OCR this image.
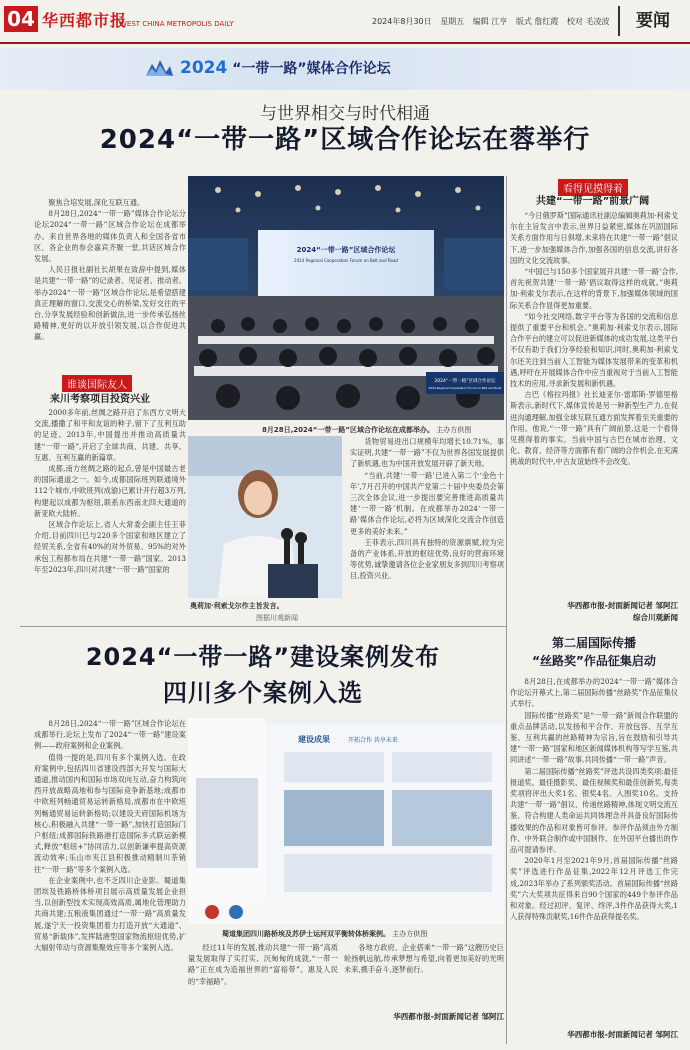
04 华西都市报
WEST CHINA METROPOLIS DAILY	2024年8月30日 星期五 编辑 江亨 版式 詹红霞 校对 毛凌波	要闻
2024 “一带一路”媒体合作论坛
与世界相交与时代相通
2024“一带一路”区域合作论坛在蓉举行

聚焦合培发展,深化互联互通。

8月28日,2024“一带一路”媒体合作论坛分论坛2024“一带一路”区域合作论坛在成都举办。来自世界各地的媒体负责人和全国各省市区、各企业的参会嘉宾齐聚一堂,共话区域合作发展。

人民日报社副社长胡果在致辞中提到,媒体是共建“一带一路”的记录者、见证者、推动者。举办2024“一带一路”区域合作论坛,是希望搭建真正理解的窗口,交流交心的桥梁,发好交往的平台,分享发展经验和创新做法,进一步传承弘扬丝路精神,更好的以开放引领发展,以合作促进共赢。

2024“一带一路”区域合作论坛
2024 Regional Cooperation Forum on Belt and Road
2024“一带一路”区域合作论坛
2024 Regional Cooperation Forum on Belt and Road
8月28日,2024“一带一路”区域合作论坛在成都举办。 主办方供图
谁谈国际友人
来川考察项目投资兴业

2000多年前,丝绸之路开启了东西方文明大交流,播撒了和平和友谊的种子,留下了互利互助的足迹。2013年,中国提出并推动高质量共建“一带一路”,开启了全球共商、共建、共享、互惠、互利互赢的新篇章。

成都,南方丝绸之路的起点,曾是中国最古老的国际通道之一。如今,成都国际班列联通境外112个城市,中欧班列(成渝)已累计开行超3万列,构建起以成都为枢纽,联系东西南北四大通道的新亚欧大陆桥。

区域合作论坛上,省人大常委会副主任王菲介绍,目前四川已与220多个国家和地区建立了经贸关系,全省有40%的对外贸易、95%的对外承包工程都布局在共建“一带一路”国家。2013年至2023年,四川对共建“一带一路”国家的

奥莉加·利索戈尔作主旨发言。
图据川观新闻

货物贸易进出口规模年均增长10.71%。事实证明,共建“一带一路”不仅为世界各国发展提供了新机遇,也为中国开放发展开辟了新天地。

“当前,共建‘一带一路’已进入第二个‘金色十年’,7月召开的中国共产党第二十届中央委员会第三次全体会议,进一步提出要完善推进高质量共建‘一带一路’机制。在成都举办2024‘一带一路’媒体合作论坛,必将为区域深化交流合作创造更多的美好未来。”

王菲表示,四川具有独特的资源禀赋,较为完备的产业体系,开放的枢纽优势,良好的营商环境等优势,诚挚邀请各位企业家朋友多到四川考察项目,投资兴业。

看得见摸得着
共建“一带一路”前景广阔

“今日俄罗斯”国际通讯社副总编辑奥莉加·利索戈尔在主旨发言中表示,世界日益紧密,媒体在巩固国际关系方面作用与日俱增,未来将在共建“一带一路”倡议下,进一步加强媒体合作,加强各国的信息交流,讲好各国的文化交流故事。

“中国已与150多个国家展开共建‘一带一路’合作,首先祝贺共建‘一带一路’倡议取得这样的成就。”奥莉加·利索戈尔表示,在这样的背景下,加强媒体领域的国际关系合作显得更加重要。

“如今社交网络,数字平台等为各国的交流和信息提供了重要平台和机会。”奥莉加·利索戈尔表示,国际合作平台的建立可以促进新媒体的成功发展,这类平台不仅有助于我们分享经验和知识,同时,奥莉加·利索戈尔还关注到当前人工智能为媒体发展带来的变革和机遇,呼吁在开展媒体合作中应当重视对于当前人工智能技术的应用,寻求新发展和新机遇。

古巴《格拉玛报》社长迪亚尔·雷耶斯·罗德里格斯表示,新时代下,媒体宣传是另一种新型生产力,在促进沟通理解,加强全球互联互通方面发挥着至关重要的作用。他说,“一带一路”具有广阔前景,这是一个看得见摸得着的事实。当前中国与古巴在城市治理、文化、教育、经济等方面都有着广阔的合作机会,在充满挑战的时代中,中古友谊始终不会改变。

华西都市报-封面新闻记者 邹阿江
综合川观新闻
2024“一带一路”建设案例发布
四川多个案例入选

8月28日,2024“一带一路”区域合作论坛在成都举行,论坛上发布了2024“一带一路”建设案例——政府案例和企业案例。

值得一提的是,四川有多个案例入选。在政府案例中,包括四川省建设西部大开发与国际大通道,推动国内和国际市场双向互动,奋力构筑向西开放战略高地和参与国际竞争新基地;成都市中欧班列畅通贸易运转新格局,成都市在中欧班列畅通贸易运转新格局;以建设天府国际机场为核心,积极融入共建“一带一路”,加快打造国际门户枢纽;成都国际铁路港打造国际多式联运新模式,释放“枢纽+”协同活力,以创新谦率提高资源流动效率;乐山市夹江县积极推动精制川茶销往“一带一路”等多个案例入选。

在企业案例中,也不乏四川企业影。蜀道集团埃及铁路桥体桥项目展示高质量发展企业担当,以创新型技术实现高效高质,属地化管理助力共商共建;五粮液集团通过“一带一路”高质量发展,遂宁天一投资集团着力打造开放“大通道”、贸易“新载体”,发挥陆港型国家物流枢纽优势,扩大辐射带动与资源集聚效应等多个案例入选。

建设成果	开拓合作 共享未来
蜀道集团四川路桥埃及苏伊士运河双平衡转体桥案例。 主办方供图

经过11年的发展,推动共建“一带一路”高质量发展取得了实打实、沉甸甸的成就,“一带一路”正在成为造福世界的“富裕带”、惠及人民的“幸福路”。

各地方政府、企业搭乘“一带一路”这艘历史巨轮扬帆远航,传承梦想与希望,向着更加美好的光明未来,携手奋斗,逐梦前行。

华西都市报-封面新闻记者 邹阿江
第二届国际传播
“丝路奖”作品征集启动

8月28日,在成都举办的2024“一带一路”媒体合作论坛开幕式上,第二届国际传播“丝路奖”作品征集仪式举行。

国际传播“丝路奖”是“一带一路”新闻合作联盟的重点品牌活动,以发扬和平合作、开放包容、互学互鉴、互利共赢的丝路精神为宗旨,旨在鼓励和引导共建“一带一路”国家和地区新闻媒体机构等写学互鉴,共同讲述“一带一路”故事,共同传播“一带一路”声音。

第二届国际传播“丝路奖”评选共设四类奖项:最佳报道奖、最佳摄影奖、最佳视频奖和最佳创新奖,每类奖项将评出大奖1名、银奖4名、入围奖10名。支持共建“一带一路”倡议、传递丝路精神,体现文明交流互鉴、符合构建人类命运共同体理念并具备良好国际传播效果的作品和对象皆可参评。参评作品须由外方制作、中外联合制作或中国制作、在外国平台播出的作品可提请参评。

2020年1月至2021年9月,首届国际传播“丝路奖”评选进行作品征集,2022年12月评选工作完成,2023年举办了系列颁奖活动。首届国际传播“丝路奖”六大奖项共征得来自90个国家的449个参评作品和对象。经过初评、复评、终评,3件作品获得大奖,1人获得特殊贡献奖,16件作品获得提名奖。

华西都市报-封面新闻记者 邹阿江
